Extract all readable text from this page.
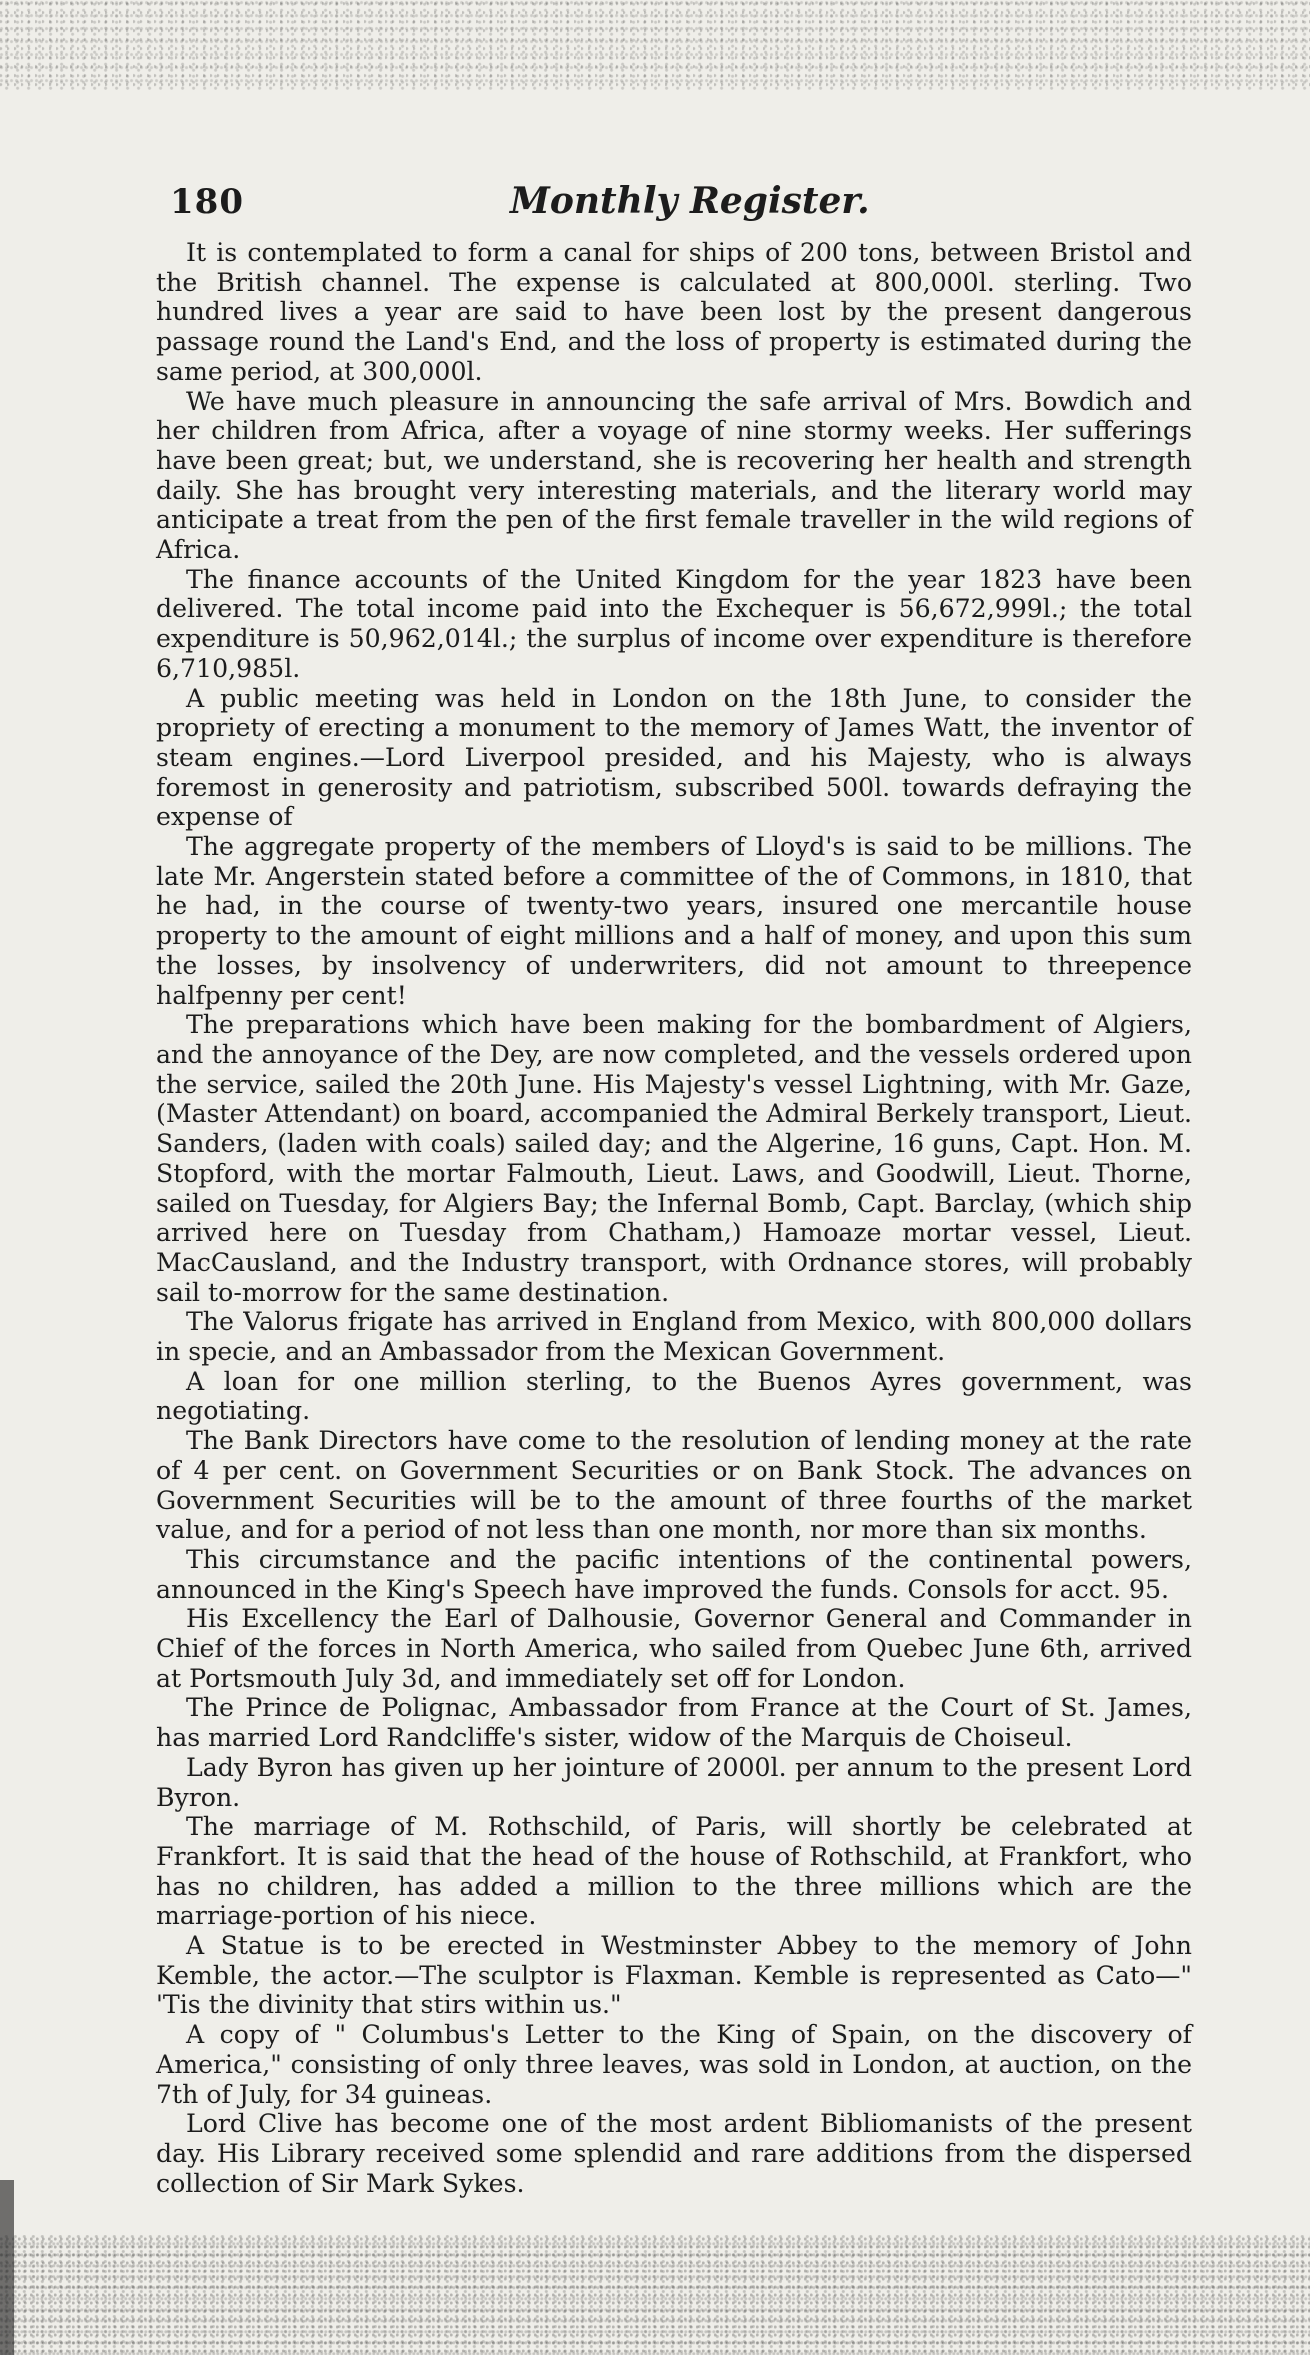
180	Monthly Register.

It is contemplated to form a canal for ships of 200 tons, between Bristol and the British channel. The expense is calculated at 800,000l. sterling. Two hundred lives a year are said to have been lost by the present dangerous passage round the Land's End, and the loss of property is estimated during the same period, at 300,000l.

We have much pleasure in announcing the safe arrival of Mrs. Bowdich and her children from Africa, after a voyage of nine stormy weeks. Her sufferings have been great; but, we understand, she is recovering her health and strength daily. She has brought very interesting materials, and the literary world may anticipate a treat from the pen of the first female traveller in the wild regions of Africa.

The finance accounts of the United Kingdom for the year 1823 have been delivered. The total income paid into the Exchequer is 56,672,999l.; the total expenditure is 50,962,014l.; the surplus of income over expenditure is therefore 6,710,985l.

A public meeting was held in London on the 18th June, to consider the propriety of erecting a monument to the memory of James Watt, the inventor of steam engines.—Lord Liverpool presided, and his Majesty, who is always foremost in generosity and patriotism, subscribed 500l. towards defraying the expense of

The aggregate property of the members of Lloyd's is said to be millions. The late Mr. Angerstein stated before a committee of the of Commons, in 1810, that he had, in the course of twenty-two years, insured one mercantile house property to the amount of eight millions and a half of money, and upon this sum the losses, by insolvency of underwriters, did not amount to threepence halfpenny per cent!

The preparations which have been making for the bombardment of Algiers, and the annoyance of the Dey, are now completed, and the vessels ordered upon the service, sailed the 20th June. His Majesty's vessel Lightning, with Mr. Gaze, (Master Attendant) on board, accompanied the Admiral Berkely transport, Lieut. Sanders, (laden with coals) sailed day; and the Algerine, 16 guns, Capt. Hon. M. Stopford, with the mortar Falmouth, Lieut. Laws, and Goodwill, Lieut. Thorne, sailed on Tuesday, for Algiers Bay; the Infernal Bomb, Capt. Barclay, (which ship arrived here on Tuesday from Chatham,) Hamoaze mortar vessel, Lieut. MacCausland, and the Industry transport, with Ordnance stores, will probably sail to-morrow for the same destination.

The Valorus frigate has arrived in England from Mexico, with 800,000 dollars in specie, and an Ambassador from the Mexican Government.

A loan for one million sterling, to the Buenos Ayres government, was negotiating.

The Bank Directors have come to the resolution of lending money at the rate of 4 per cent. on Government Securities or on Bank Stock. The advances on Government Securities will be to the amount of three fourths of the market value, and for a period of not less than one month, nor more than six months.

This circumstance and the pacific intentions of the continental powers, announced in the King's Speech have improved the funds. Consols for acct. 95.

His Excellency the Earl of Dalhousie, Governor General and Commander in Chief of the forces in North America, who sailed from Quebec June 6th, arrived at Portsmouth July 3d, and immediately set off for London.

The Prince de Polignac, Ambassador from France at the Court of St. James, has married Lord Randcliffe's sister, widow of the Marquis de Choiseul.

Lady Byron has given up her jointure of 2000l. per annum to the present Lord Byron.

The marriage of M. Rothschild, of Paris, will shortly be celebrated at Frankfort. It is said that the head of the house of Rothschild, at Frankfort, who has no children, has added a million to the three millions which are the marriage-portion of his niece.

A Statue is to be erected in Westminster Abbey to the memory of John Kemble, the actor.—The sculptor is Flaxman. Kemble is represented as Cato—" 'Tis the divinity that stirs within us."

A copy of " Columbus's Letter to the King of Spain, on the discovery of America," consisting of only three leaves, was sold in London, at auction, on the 7th of July, for 34 guineas.

Lord Clive has become one of the most ardent Bibliomanists of the present day. His Library received some splendid and rare additions from the dispersed collection of Sir Mark Sykes.
